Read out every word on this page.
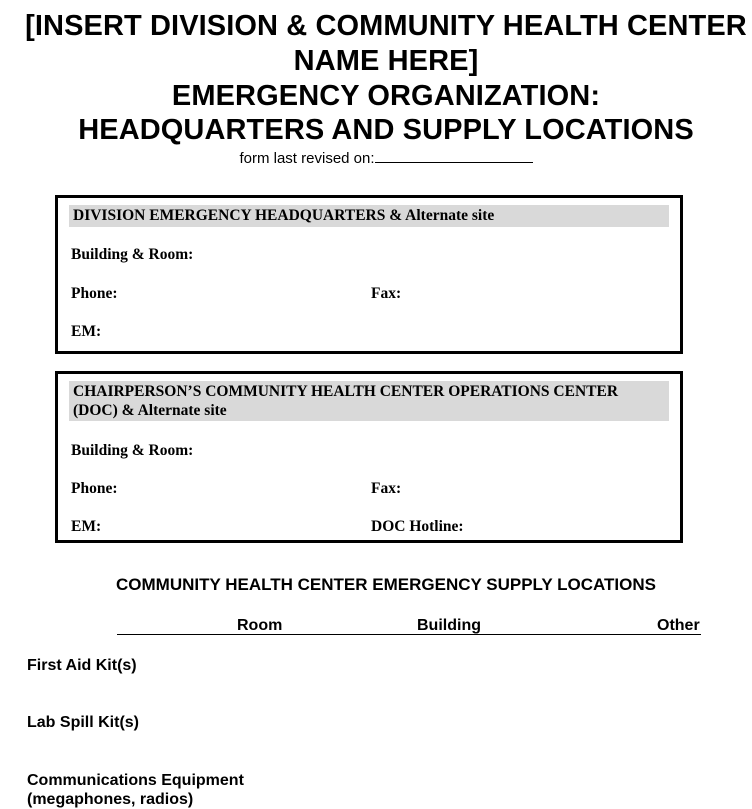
[INSERT DIVISION & COMMUNITY HEALTH CENTER
NAME HERE]
EMERGENCY ORGANIZATION:
HEADQUARTERS AND SUPPLY LOCATIONS
form last revised on:
DIVISION EMERGENCY HEADQUARTERS & Alternate site
Building & Room:
Phone:	Fax:
EM:
CHAIRPERSON’S COMMUNITY HEALTH CENTER OPERATIONS CENTER
(DOC) & Alternate site
Building & Room:
Phone:	Fax:
EM:	DOC Hotline:
COMMUNITY HEALTH CENTER EMERGENCY SUPPLY LOCATIONS
Room	Building	Other
First Aid Kit(s)
Lab Spill Kit(s)
Communications Equipment
(megaphones, radios)
